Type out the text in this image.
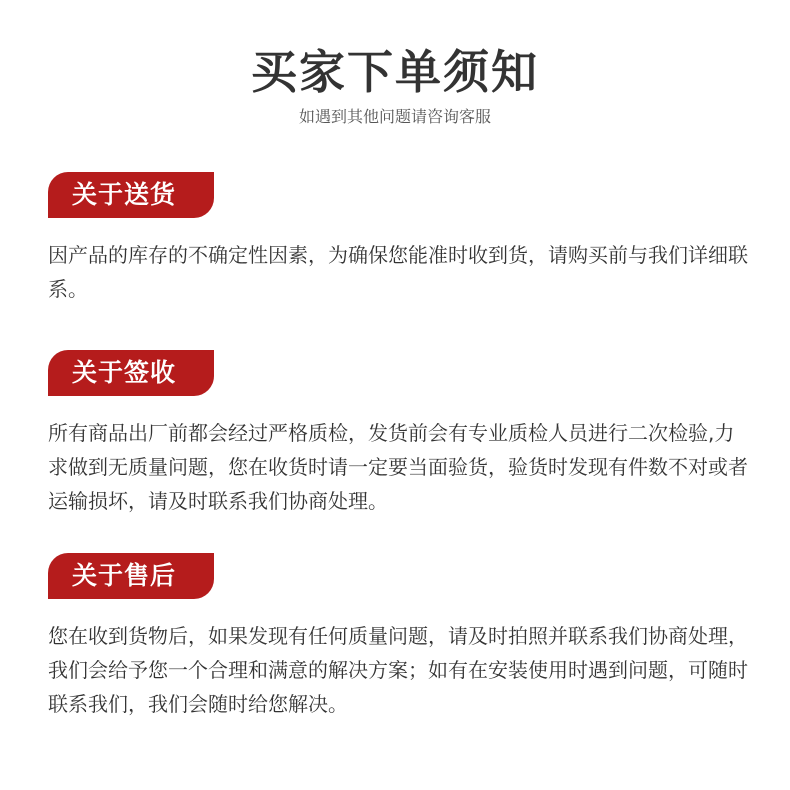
买家下单须知
如遇到其他问题请咨询客服
关于送货
因产品的库存的不确定性因素，为确保您能准时收到货，请购买前与我们详细联系。
关于签收
所有商品出厂前都会经过严格质检，发货前会有专业质检人员进行二次检验,力求做到无质量问题，您在收货时请一定要当面验货，验货时发现有件数不对或者运输损坏，请及时联系我们协商处理。
关于售后
您在收到货物后，如果发现有任何质量问题，请及时拍照并联系我们协商处理，我们会给予您一个合理和满意的解决方案；如有在安装使用时遇到问题，可随时联系我们，我们会随时给您解决。
